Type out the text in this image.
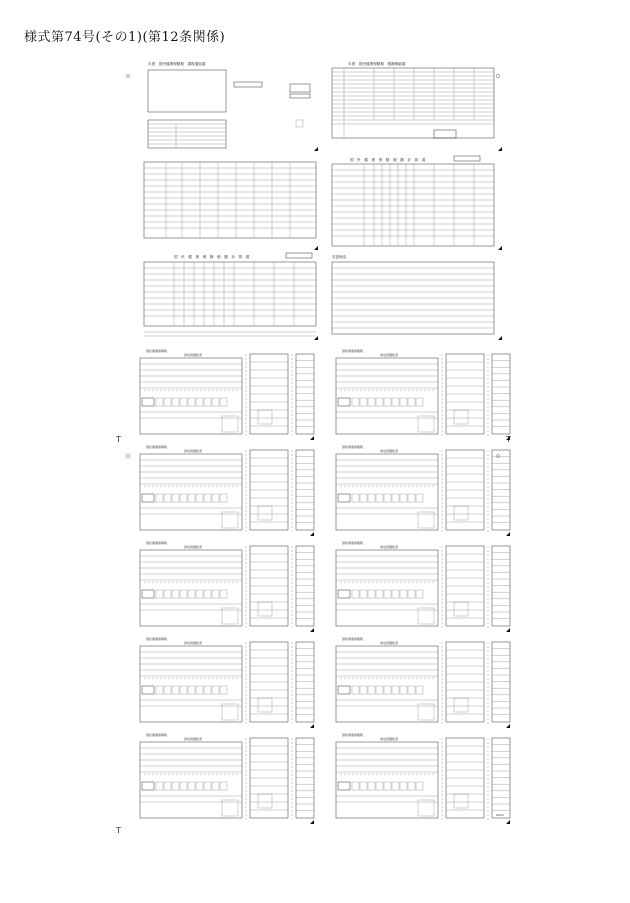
様式第74号(その1)(第12条関係)
T
T
年度　国民健康保険税　課税通知書	年度　国民健康保険税　税額明細書
国　民　健　康　保　険　税　額　計　算　書
国　民　健　康　保　険　税　額　計　算　書	変更理由
国民健康保険税
領収済通知書
国民健康保険税
領収済通知書
国民健康保険税
領収済通知書
国民健康保険税
領収済通知書
国民健康保険税
領収済通知書
国民健康保険税
領収済通知書
国民健康保険税
領収済通知書
国民健康保険税
領収済通知書
国民健康保険税
領収済通知書
国民健康保険税
領収済通知書
9mm
